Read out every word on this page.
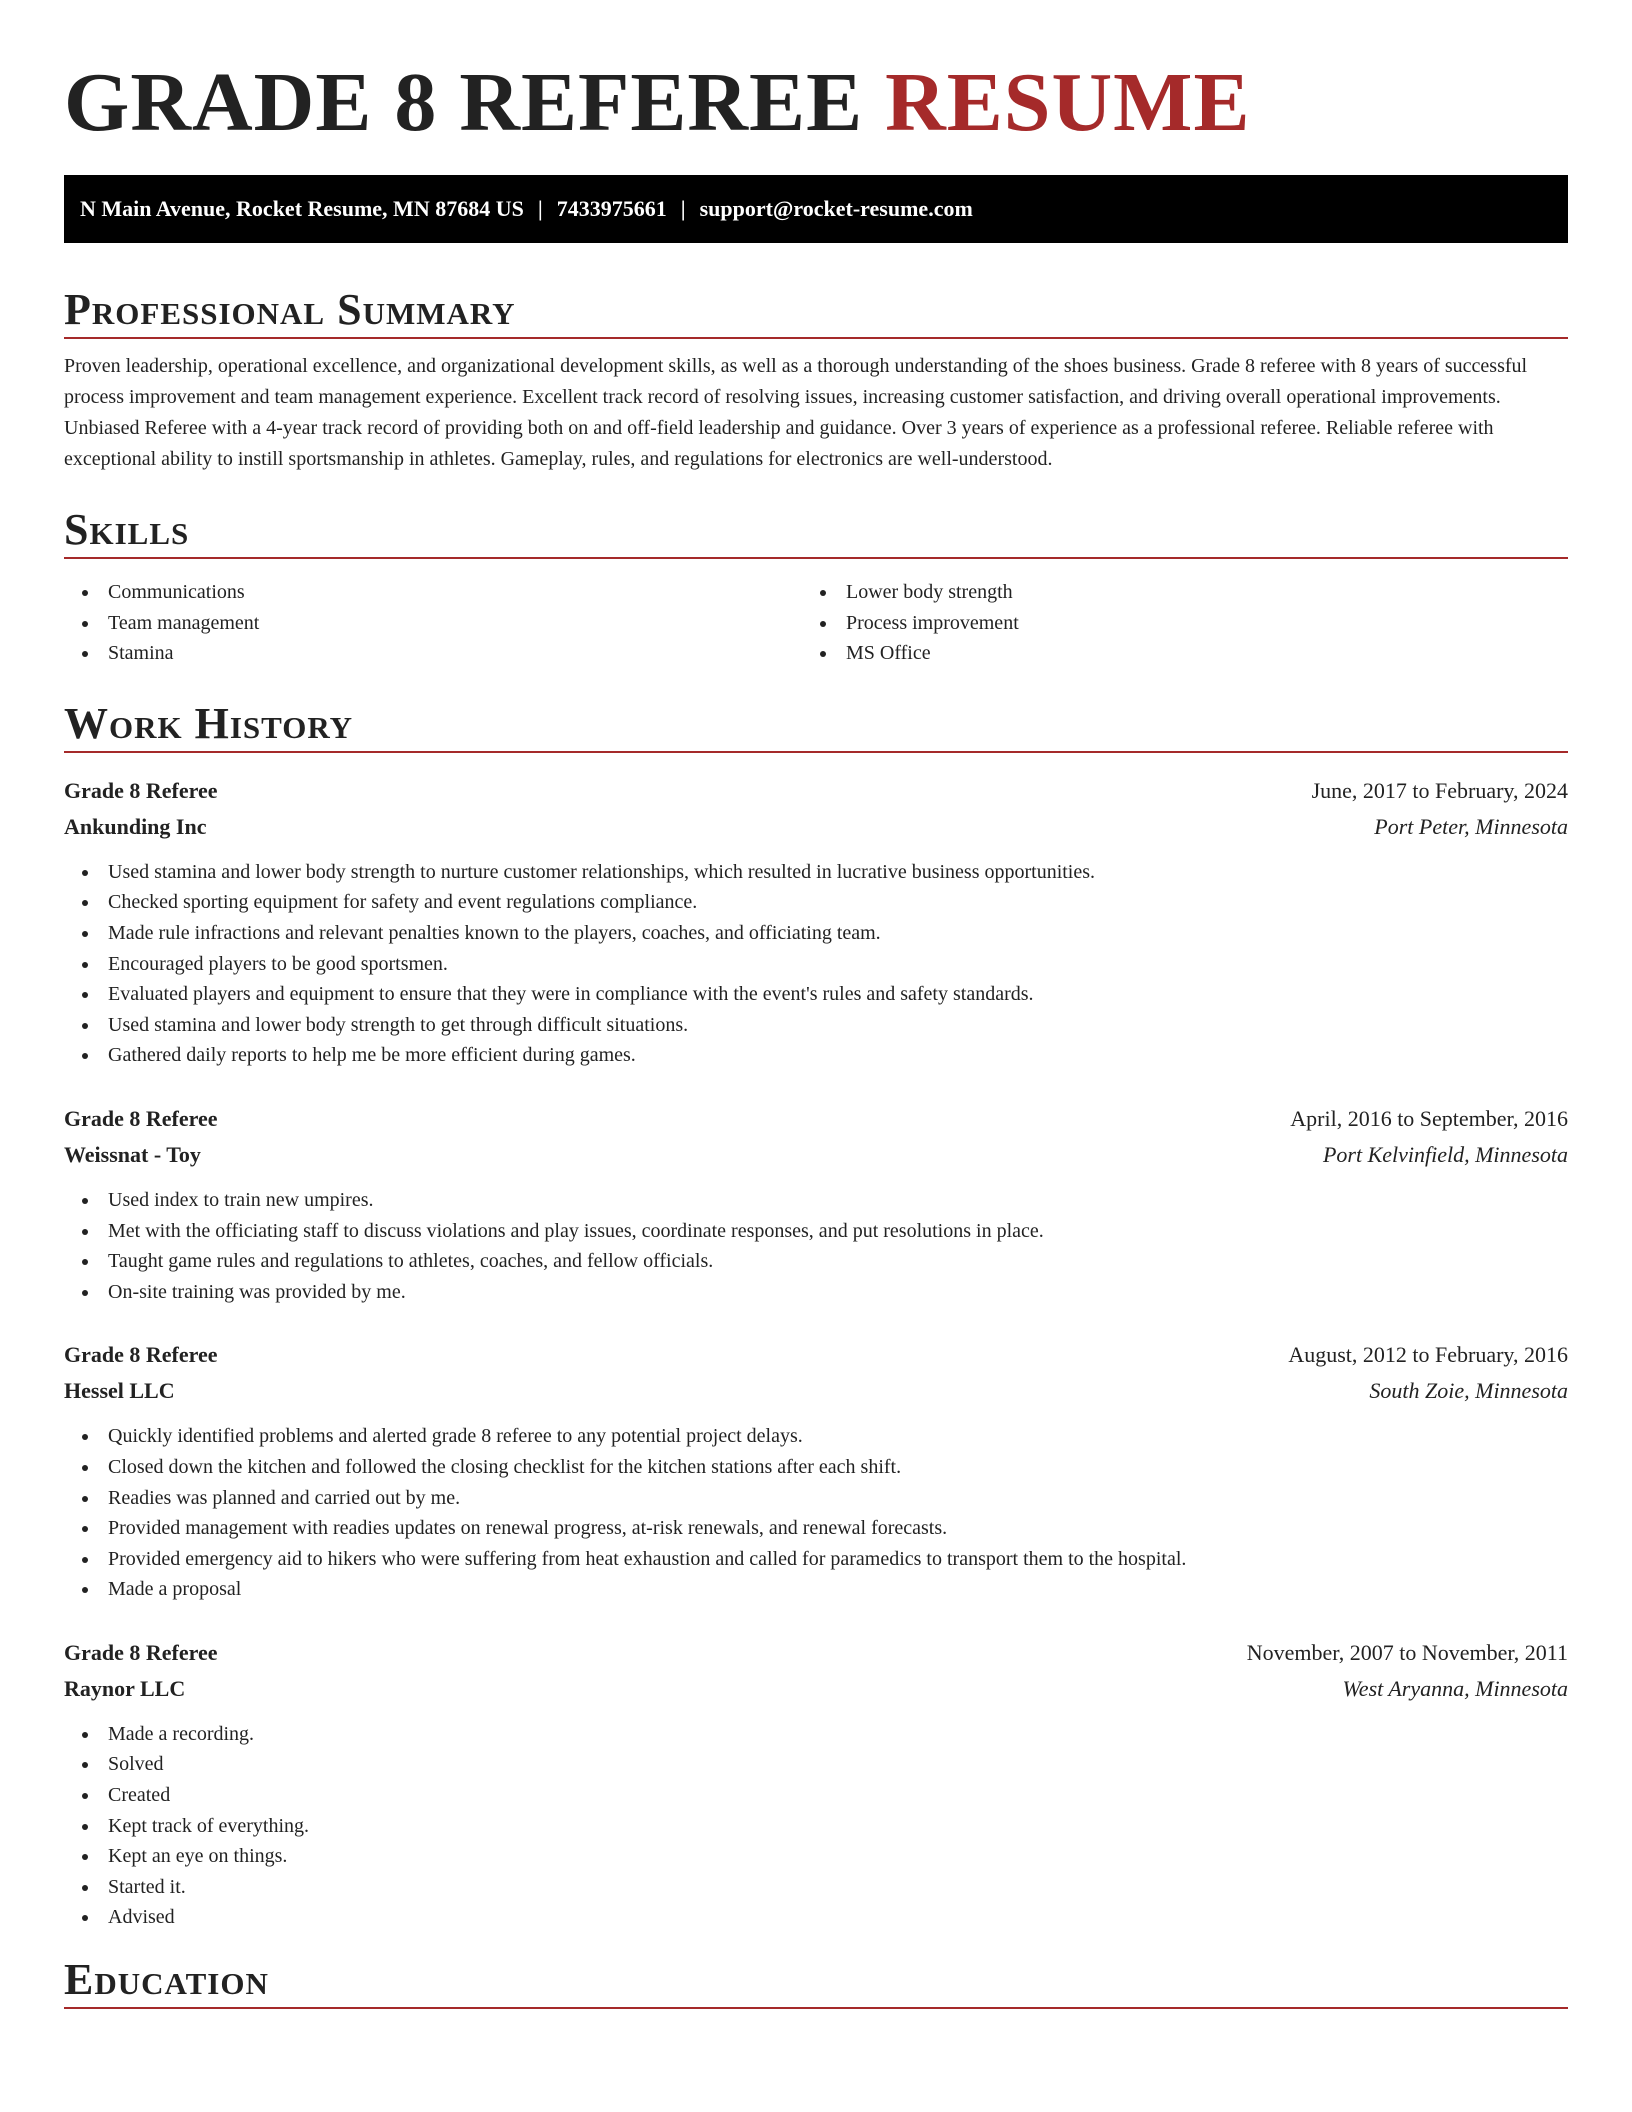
GRADE 8 REFEREE RESUME
N Main Avenue, Rocket Resume, MN 87684 US | 7433975661 | support@rocket-resume.com
Professional Summary

Proven leadership, operational excellence, and organizational development skills, as well as a thorough understanding of the shoes business. Grade 8 referee with 8 years of successful process improvement and team management experience. Excellent track record of resolving issues, increasing customer satisfaction, and driving overall operational improvements. Unbiased Referee with a 4-year track record of providing both on and off-field leadership and guidance. Over 3 years of experience as a professional referee. Reliable referee with exceptional ability to instill sportsmanship in athletes. Gameplay, rules, and regulations for electronics are well-understood.

Skills
Communications
Team management
Stamina
Lower body strength
Process improvement
MS Office
Work History
Grade 8 Referee	June, 2017 to February, 2024
Ankunding Inc	Port Peter, Minnesota
Used stamina and lower body strength to nurture customer relationships, which resulted in lucrative business opportunities.
Checked sporting equipment for safety and event regulations compliance.
Made rule infractions and relevant penalties known to the players, coaches, and officiating team.
Encouraged players to be good sportsmen.
Evaluated players and equipment to ensure that they were in compliance with the event's rules and safety standards.
Used stamina and lower body strength to get through difficult situations.
Gathered daily reports to help me be more efficient during games.
Grade 8 Referee	April, 2016 to September, 2016
Weissnat - Toy	Port Kelvinfield, Minnesota
Used index to train new umpires.
Met with the officiating staff to discuss violations and play issues, coordinate responses, and put resolutions in place.
Taught game rules and regulations to athletes, coaches, and fellow officials.
On-site training was provided by me.
Grade 8 Referee	August, 2012 to February, 2016
Hessel LLC	South Zoie, Minnesota
Quickly identified problems and alerted grade 8 referee to any potential project delays.
Closed down the kitchen and followed the closing checklist for the kitchen stations after each shift.
Readies was planned and carried out by me.
Provided management with readies updates on renewal progress, at-risk renewals, and renewal forecasts.
Provided emergency aid to hikers who were suffering from heat exhaustion and called for paramedics to transport them to the hospital.
Made a proposal
Grade 8 Referee	November, 2007 to November, 2011
Raynor LLC	West Aryanna, Minnesota
Made a recording.
Solved
Created
Kept track of everything.
Kept an eye on things.
Started it.
Advised
Education
